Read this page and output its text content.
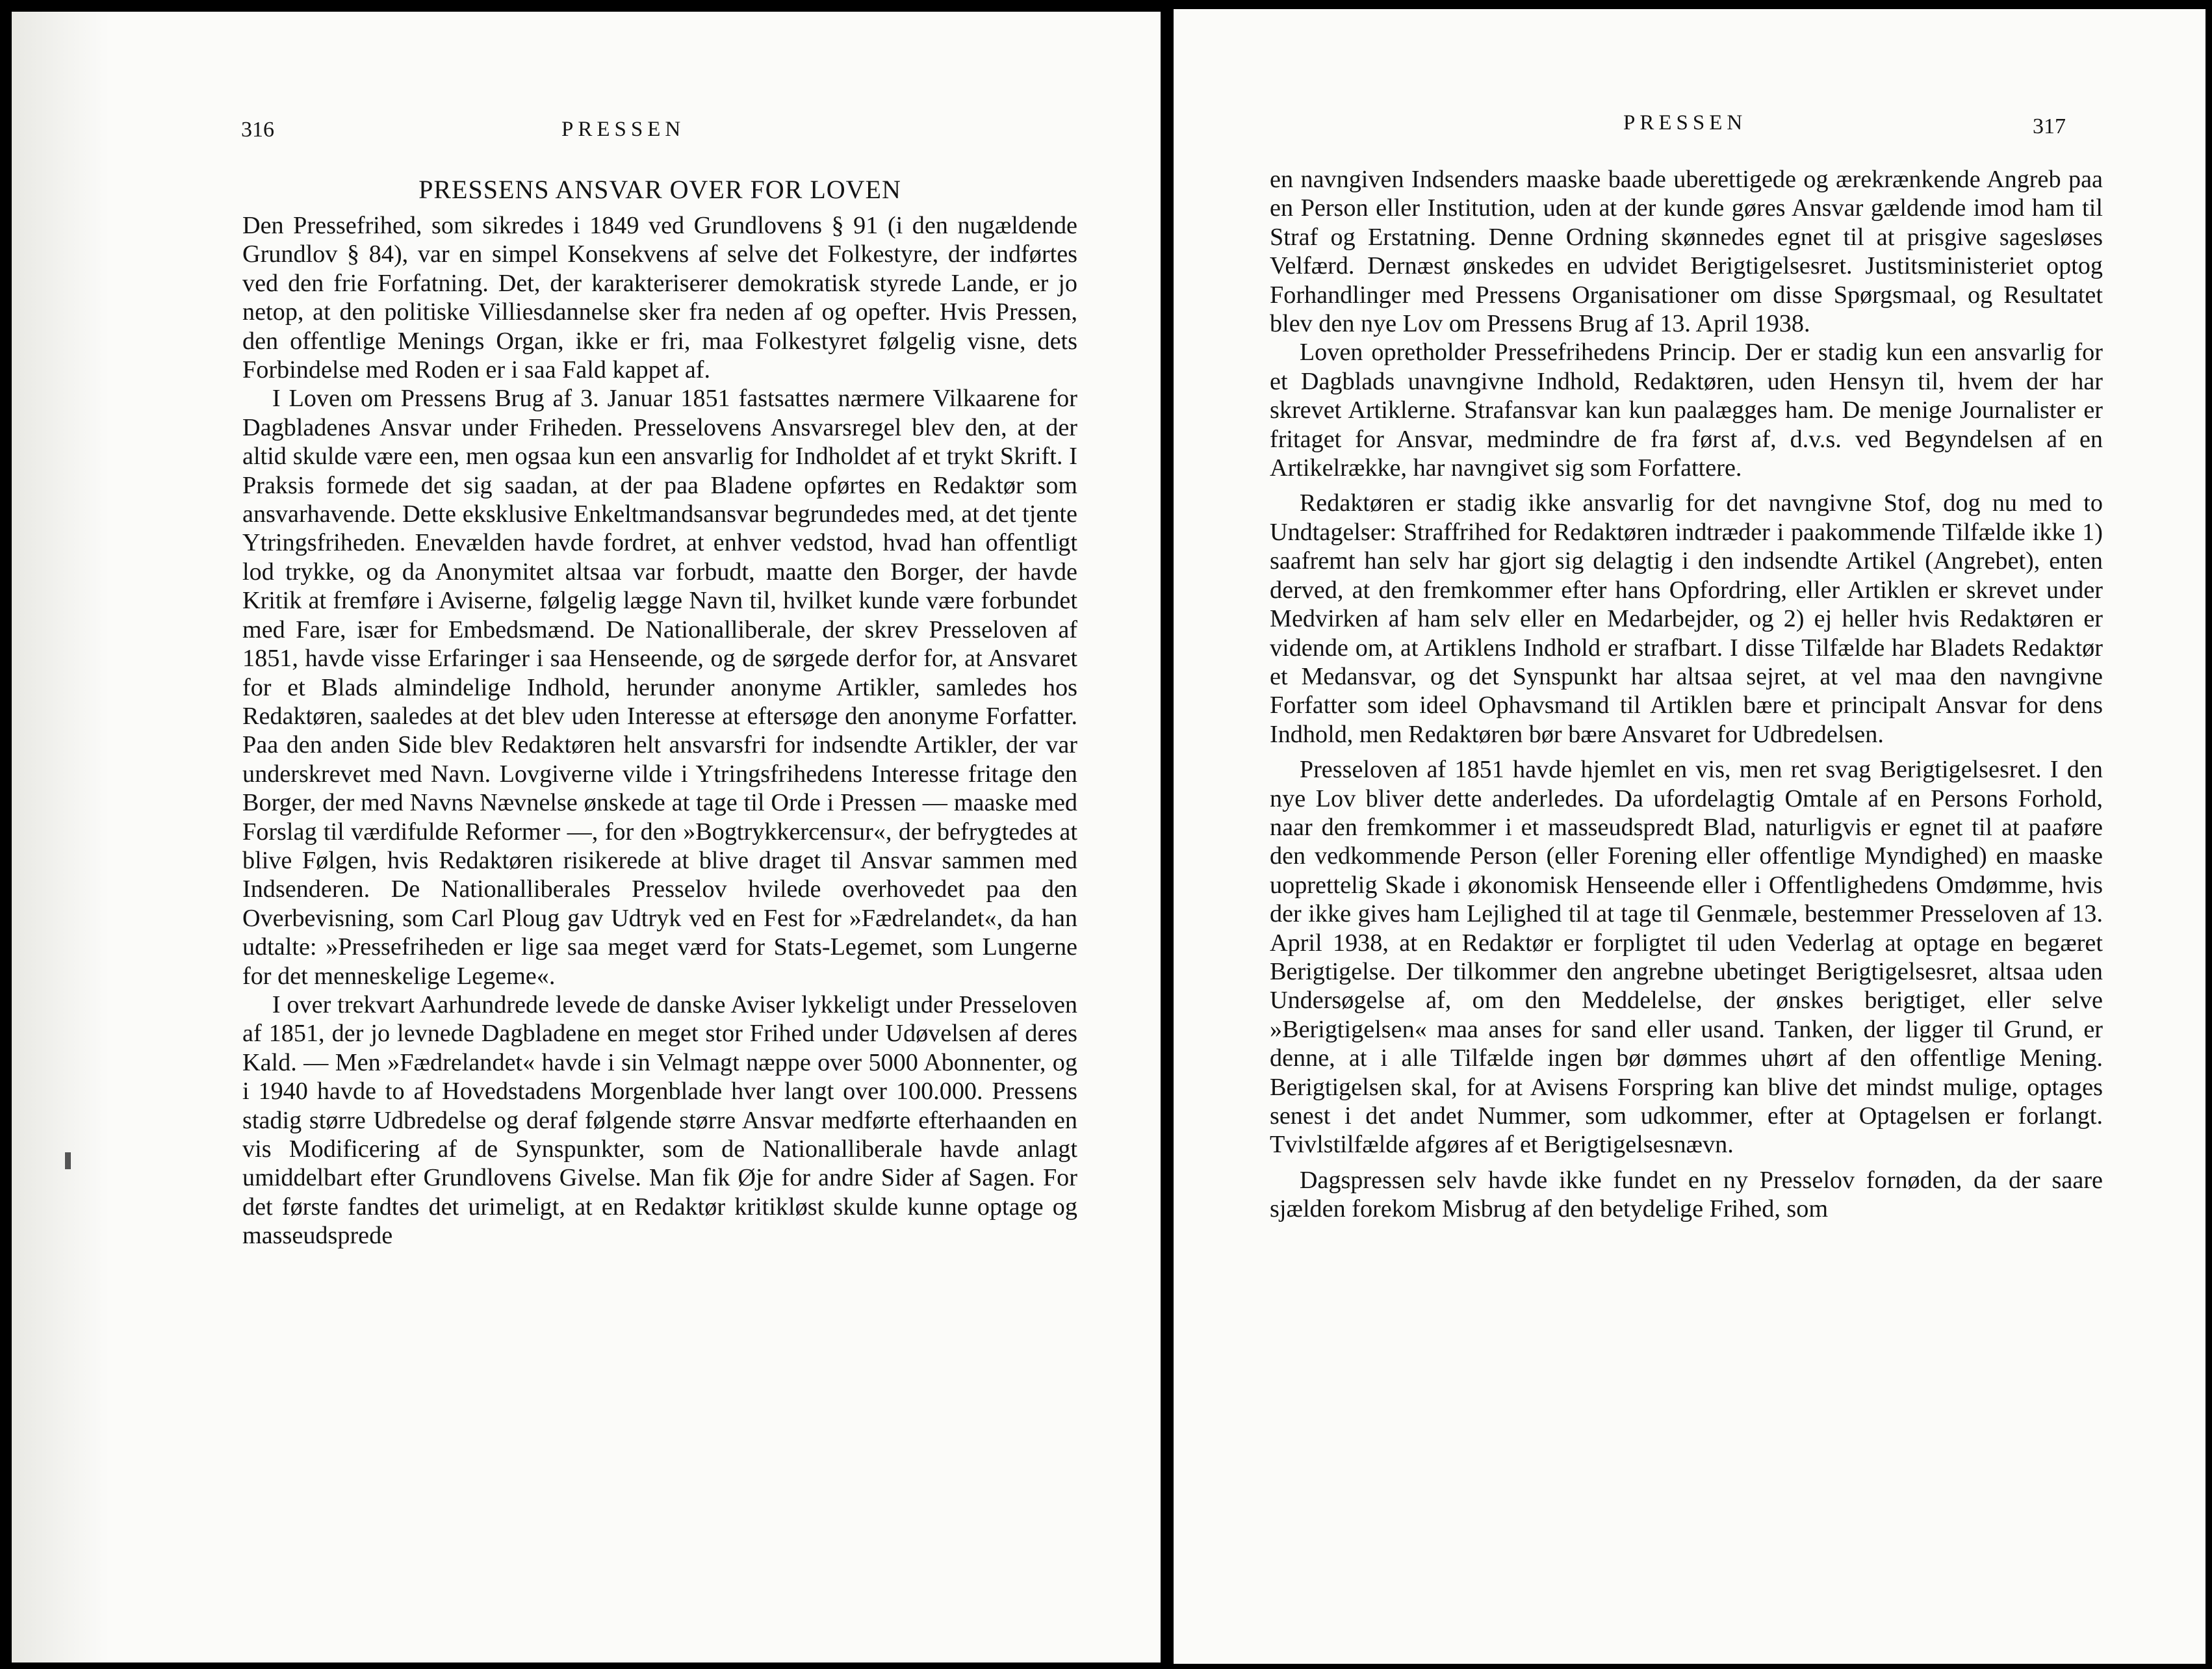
316	PRESSEN
PRESSENS ANSVAR OVER FOR LOVEN

Den Pressefrihed, som sikredes i 1849 ved Grundlovens § 91 (i den nugældende Grundlov § 84), var en simpel Konsekvens af selve det Folkestyre, der indførtes ved den frie Forfatning. Det, der karakteriserer demokratisk styrede Lande, er jo netop, at den politiske Villiesdannelse sker fra neden af og opefter. Hvis Pressen, den offentlige Menings Organ, ikke er fri, maa Folkestyret følgelig visne, dets Forbindelse med Roden er i saa Fald kappet af.

I Loven om Pressens Brug af 3. Januar 1851 fastsattes nærmere Vilkaarene for Dagbladenes Ansvar under Friheden. Presselovens Ansvarsregel blev den, at der altid skulde være een, men ogsaa kun een ansvarlig for Indholdet af et trykt Skrift. I Praksis formede det sig saadan, at der paa Bladene opførtes en Redaktør som ansvarhavende. Dette eksklusive Enkeltmandsansvar begrundedes med, at det tjente Ytringsfriheden. Enevælden havde fordret, at enhver vedstod, hvad han offentligt lod trykke, og da Anonymitet altsaa var forbudt, maatte den Borger, der havde Kritik at fremføre i Aviserne, følgelig lægge Navn til, hvilket kunde være forbundet med Fare, især for Embedsmænd. De Nationalliberale, der skrev Presseloven af 1851, havde visse Erfaringer i saa Henseende, og de sørgede derfor for, at Ansvaret for et Blads almindelige Indhold, herunder anonyme Artikler, samledes hos Redaktøren, saaledes at det blev uden Interesse at eftersøge den anonyme Forfatter. Paa den anden Side blev Redaktøren helt ansvarsfri for indsendte Artikler, der var underskrevet med Navn. Lovgiverne vilde i Ytringsfrihedens Interesse fritage den Borger, der med Navns Nævnelse ønskede at tage til Orde i Pressen — maaske med Forslag til værdifulde Reformer —, for den »Bogtrykkercensur«, der befrygtedes at blive Følgen, hvis Redaktøren risikerede at blive draget til Ansvar sammen med Indsenderen. De Nationalliberales Presselov hvilede overhovedet paa den Overbevisning, som Carl Ploug gav Udtryk ved en Fest for »Fædrelandet«, da han udtalte: »Pressefriheden er lige saa meget værd for Stats-Legemet, som Lungerne for det menneskelige Legeme«.

I over trekvart Aarhundrede levede de danske Aviser lykkeligt under Presseloven af 1851, der jo levnede Dagbladene en meget stor Frihed under Udøvelsen af deres Kald. — Men »Fædrelandet« havde i sin Velmagt næppe over 5000 Abonnenter, og i 1940 havde to af Hovedstadens Morgenblade hver langt over 100.000. Pressens stadig større Udbredelse og deraf følgende større Ansvar medførte efterhaanden en vis Modificering af de Synspunkter, som de Nationalliberale havde anlagt umiddelbart efter Grundlovens Givelse. Man fik Øje for andre Sider af Sagen. For det første fandtes det urimeligt, at en Redaktør kritikløst skulde kunne optage og masseudsprede

PRESSEN	317

en navngiven Indsenders maaske baade uberettigede og ærekrænkende Angreb paa en Person eller Institution, uden at der kunde gøres Ansvar gældende imod ham til Straf og Erstatning. Denne Ordning skønnedes egnet til at prisgive sagesløses Velfærd. Dernæst ønskedes en udvidet Berigtigelsesret. Justitsministeriet optog Forhandlinger med Pressens Organisationer om disse Spørgsmaal, og Resultatet blev den nye Lov om Pressens Brug af 13. April 1938.

Loven opretholder Pressefrihedens Princip. Der er stadig kun een ansvarlig for et Dagblads unavngivne Indhold, Redaktøren, uden Hensyn til, hvem der har skrevet Artiklerne. Strafansvar kan kun paalægges ham. De menige Journalister er fritaget for Ansvar, medmindre de fra først af, d.v.s. ved Begyndelsen af en Artikelrække, har navngivet sig som Forfattere.

Redaktøren er stadig ikke ansvarlig for det navngivne Stof, dog nu med to Undtagelser: Straffrihed for Redaktøren indtræder i paakommende Tilfælde ikke 1) saafremt han selv har gjort sig delagtig i den indsendte Artikel (Angrebet), enten derved, at den fremkommer efter hans Opfordring, eller Artiklen er skrevet under Medvirken af ham selv eller en Medarbejder, og 2) ej heller hvis Redaktøren er vidende om, at Artiklens Indhold er strafbart. I disse Tilfælde har Bladets Redaktør et Medansvar, og det Synspunkt har altsaa sejret, at vel maa den navngivne Forfatter som ideel Ophavsmand til Artiklen bære et principalt Ansvar for dens Indhold, men Redaktøren bør bære Ansvaret for Udbredelsen.

Presseloven af 1851 havde hjemlet en vis, men ret svag Berigtigelsesret. I den nye Lov bliver dette anderledes. Da ufordelagtig Omtale af en Persons Forhold, naar den fremkommer i et masseudspredt Blad, naturligvis er egnet til at paaføre den vedkommende Person (eller Forening eller offentlige Myndighed) en maaske uoprettelig Skade i økonomisk Henseende eller i Offentlighedens Omdømme, hvis der ikke gives ham Lejlighed til at tage til Genmæle, bestemmer Presseloven af 13. April 1938, at en Redaktør er forpligtet til uden Vederlag at optage en begæret Berigtigelse. Der tilkommer den angrebne ubetinget Berigtigelsesret, altsaa uden Undersøgelse af, om den Meddelelse, der ønskes berigtiget, eller selve »Berigtigelsen« maa anses for sand eller usand. Tanken, der ligger til Grund, er denne, at i alle Tilfælde ingen bør dømmes uhørt af den offentlige Mening. Berigtigelsen skal, for at Avisens Forspring kan blive det mindst mulige, optages senest i det andet Nummer, som udkommer, efter at Optagelsen er forlangt. Tvivlstilfælde afgøres af et Berigtigelsesnævn.

Dagspressen selv havde ikke fundet en ny Presselov fornøden, da der saare sjælden forekom Misbrug af den betydelige Frihed, som
